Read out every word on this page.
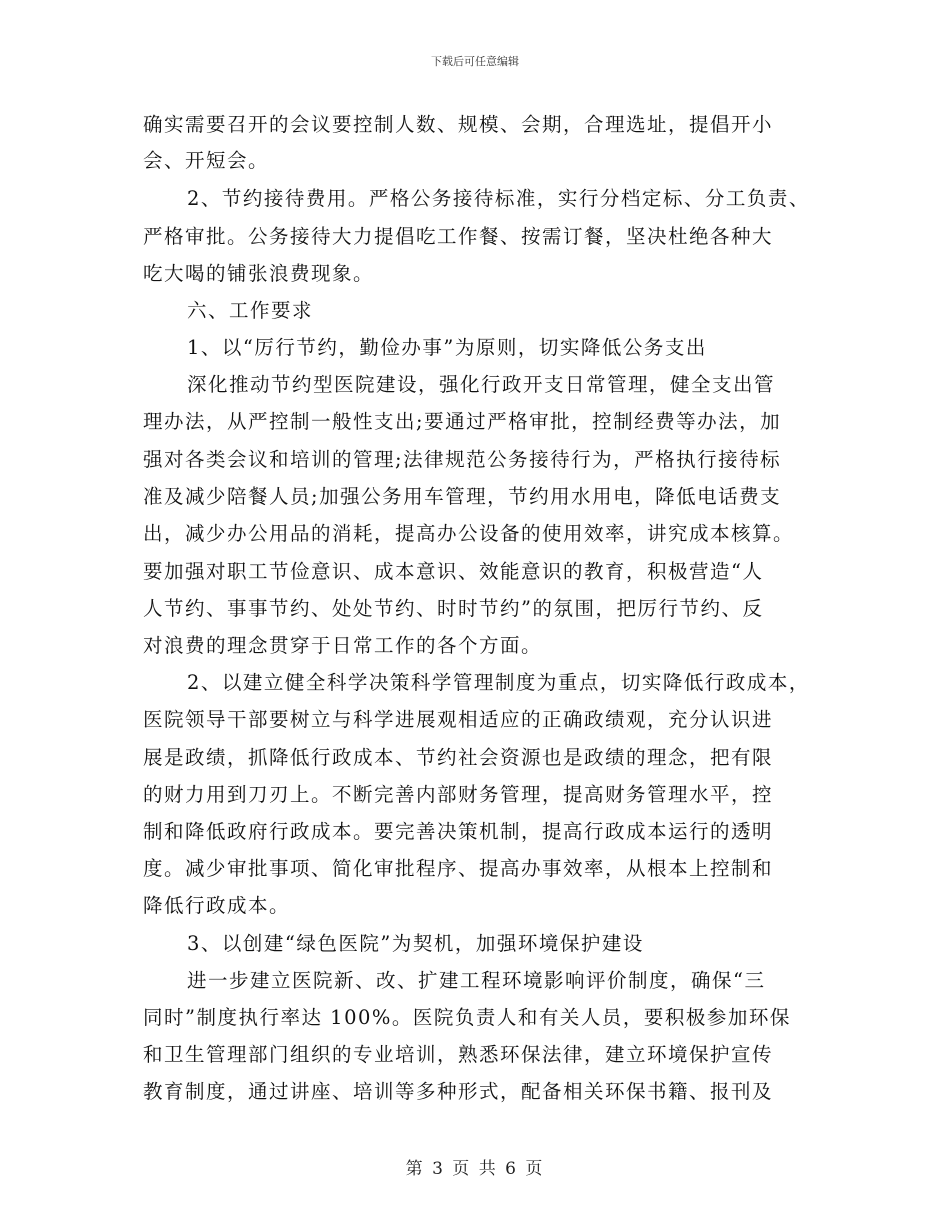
下载后可任意编辑
确实需要召开的会议要控制人数、规模、会期，合理选址，提倡开小
会、开短会。
2、节约接待费用。严格公务接待标准，实行分档定标、分工负责、
严格审批。公务接待大力提倡吃工作餐、按需订餐，坚决杜绝各种大
吃大喝的铺张浪费现象。
六、工作要求
1、以“厉行节约，勤俭办事”为原则，切实降低公务支出
深化推动节约型医院建设，强化行政开支日常管理，健全支出管
理办法，从严控制一般性支出;要通过严格审批，控制经费等办法，加
强对各类会议和培训的管理;法律规范公务接待行为，严格执行接待标
准及减少陪餐人员;加强公务用车管理，节约用水用电，降低电话费支
出，减少办公用品的消耗，提高办公设备的使用效率，讲究成本核算。
要加强对职工节俭意识、成本意识、效能意识的教育，积极营造“人
人节约、事事节约、处处节约、时时节约”的氛围，把厉行节约、反
对浪费的理念贯穿于日常工作的各个方面。
2、以建立健全科学决策科学管理制度为重点，切实降低行政成本，
医院领导干部要树立与科学进展观相适应的正确政绩观，充分认识进
展是政绩，抓降低行政成本、节约社会资源也是政绩的理念，把有限
的财力用到刀刃上。不断完善内部财务管理，提高财务管理水平，控
制和降低政府行政成本。要完善决策机制，提高行政成本运行的透明
度。减少审批事项、简化审批程序、提高办事效率，从根本上控制和
降低行政成本。
3、以创建“绿色医院”为契机，加强环境保护建设
进一步建立医院新、改、扩建工程环境影响评价制度，确保“三
同时”制度执行率达 100%。医院负责人和有关人员，要积极参加环保
和卫生管理部门组织的专业培训，熟悉环保法律，建立环境保护宣传
教育制度，通过讲座、培训等多种形式，配备相关环保书籍、报刊及
第 3 页 共 6 页
